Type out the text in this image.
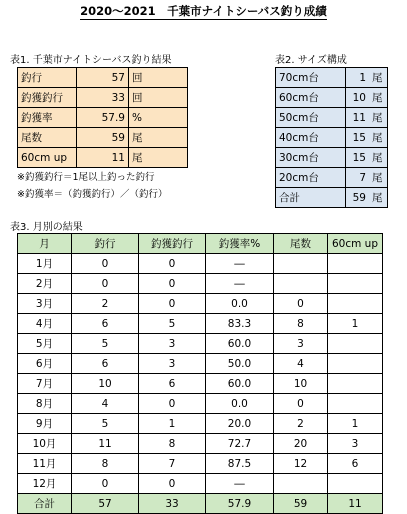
2020～2021　千葉市ナイトシーバス釣り成績
表1. 千葉市ナイトシーバス釣り結果
釣行	57	回
釣獲釣行	33	回
釣獲率	57.9	%
尾数	59	尾
60cm up	11	尾
※釣獲釣行＝1尾以上釣った釣行
※釣獲率＝（釣獲釣行）／（釣行）
表2. サイズ構成
70cm台	1	尾
60cm台	10	尾
50cm台	11	尾
40cm台	15	尾
30cm台	15	尾
20cm台	7	尾
合計	59	尾
表3. 月別の結果
月	釣行	釣獲釣行	釣獲率%	尾数	60cm up
1月	0	0	―		
2月	0	0	―		
3月	2	0	0.0	0	
4月	6	5	83.3	8	1
5月	5	3	60.0	3	
6月	6	3	50.0	4	
7月	10	6	60.0	10	
8月	4	0	0.0	0	
9月	5	1	20.0	2	1
10月	11	8	72.7	20	3
11月	8	7	87.5	12	6
12月	0	0	―		
合計	57	33	57.9	59	11
